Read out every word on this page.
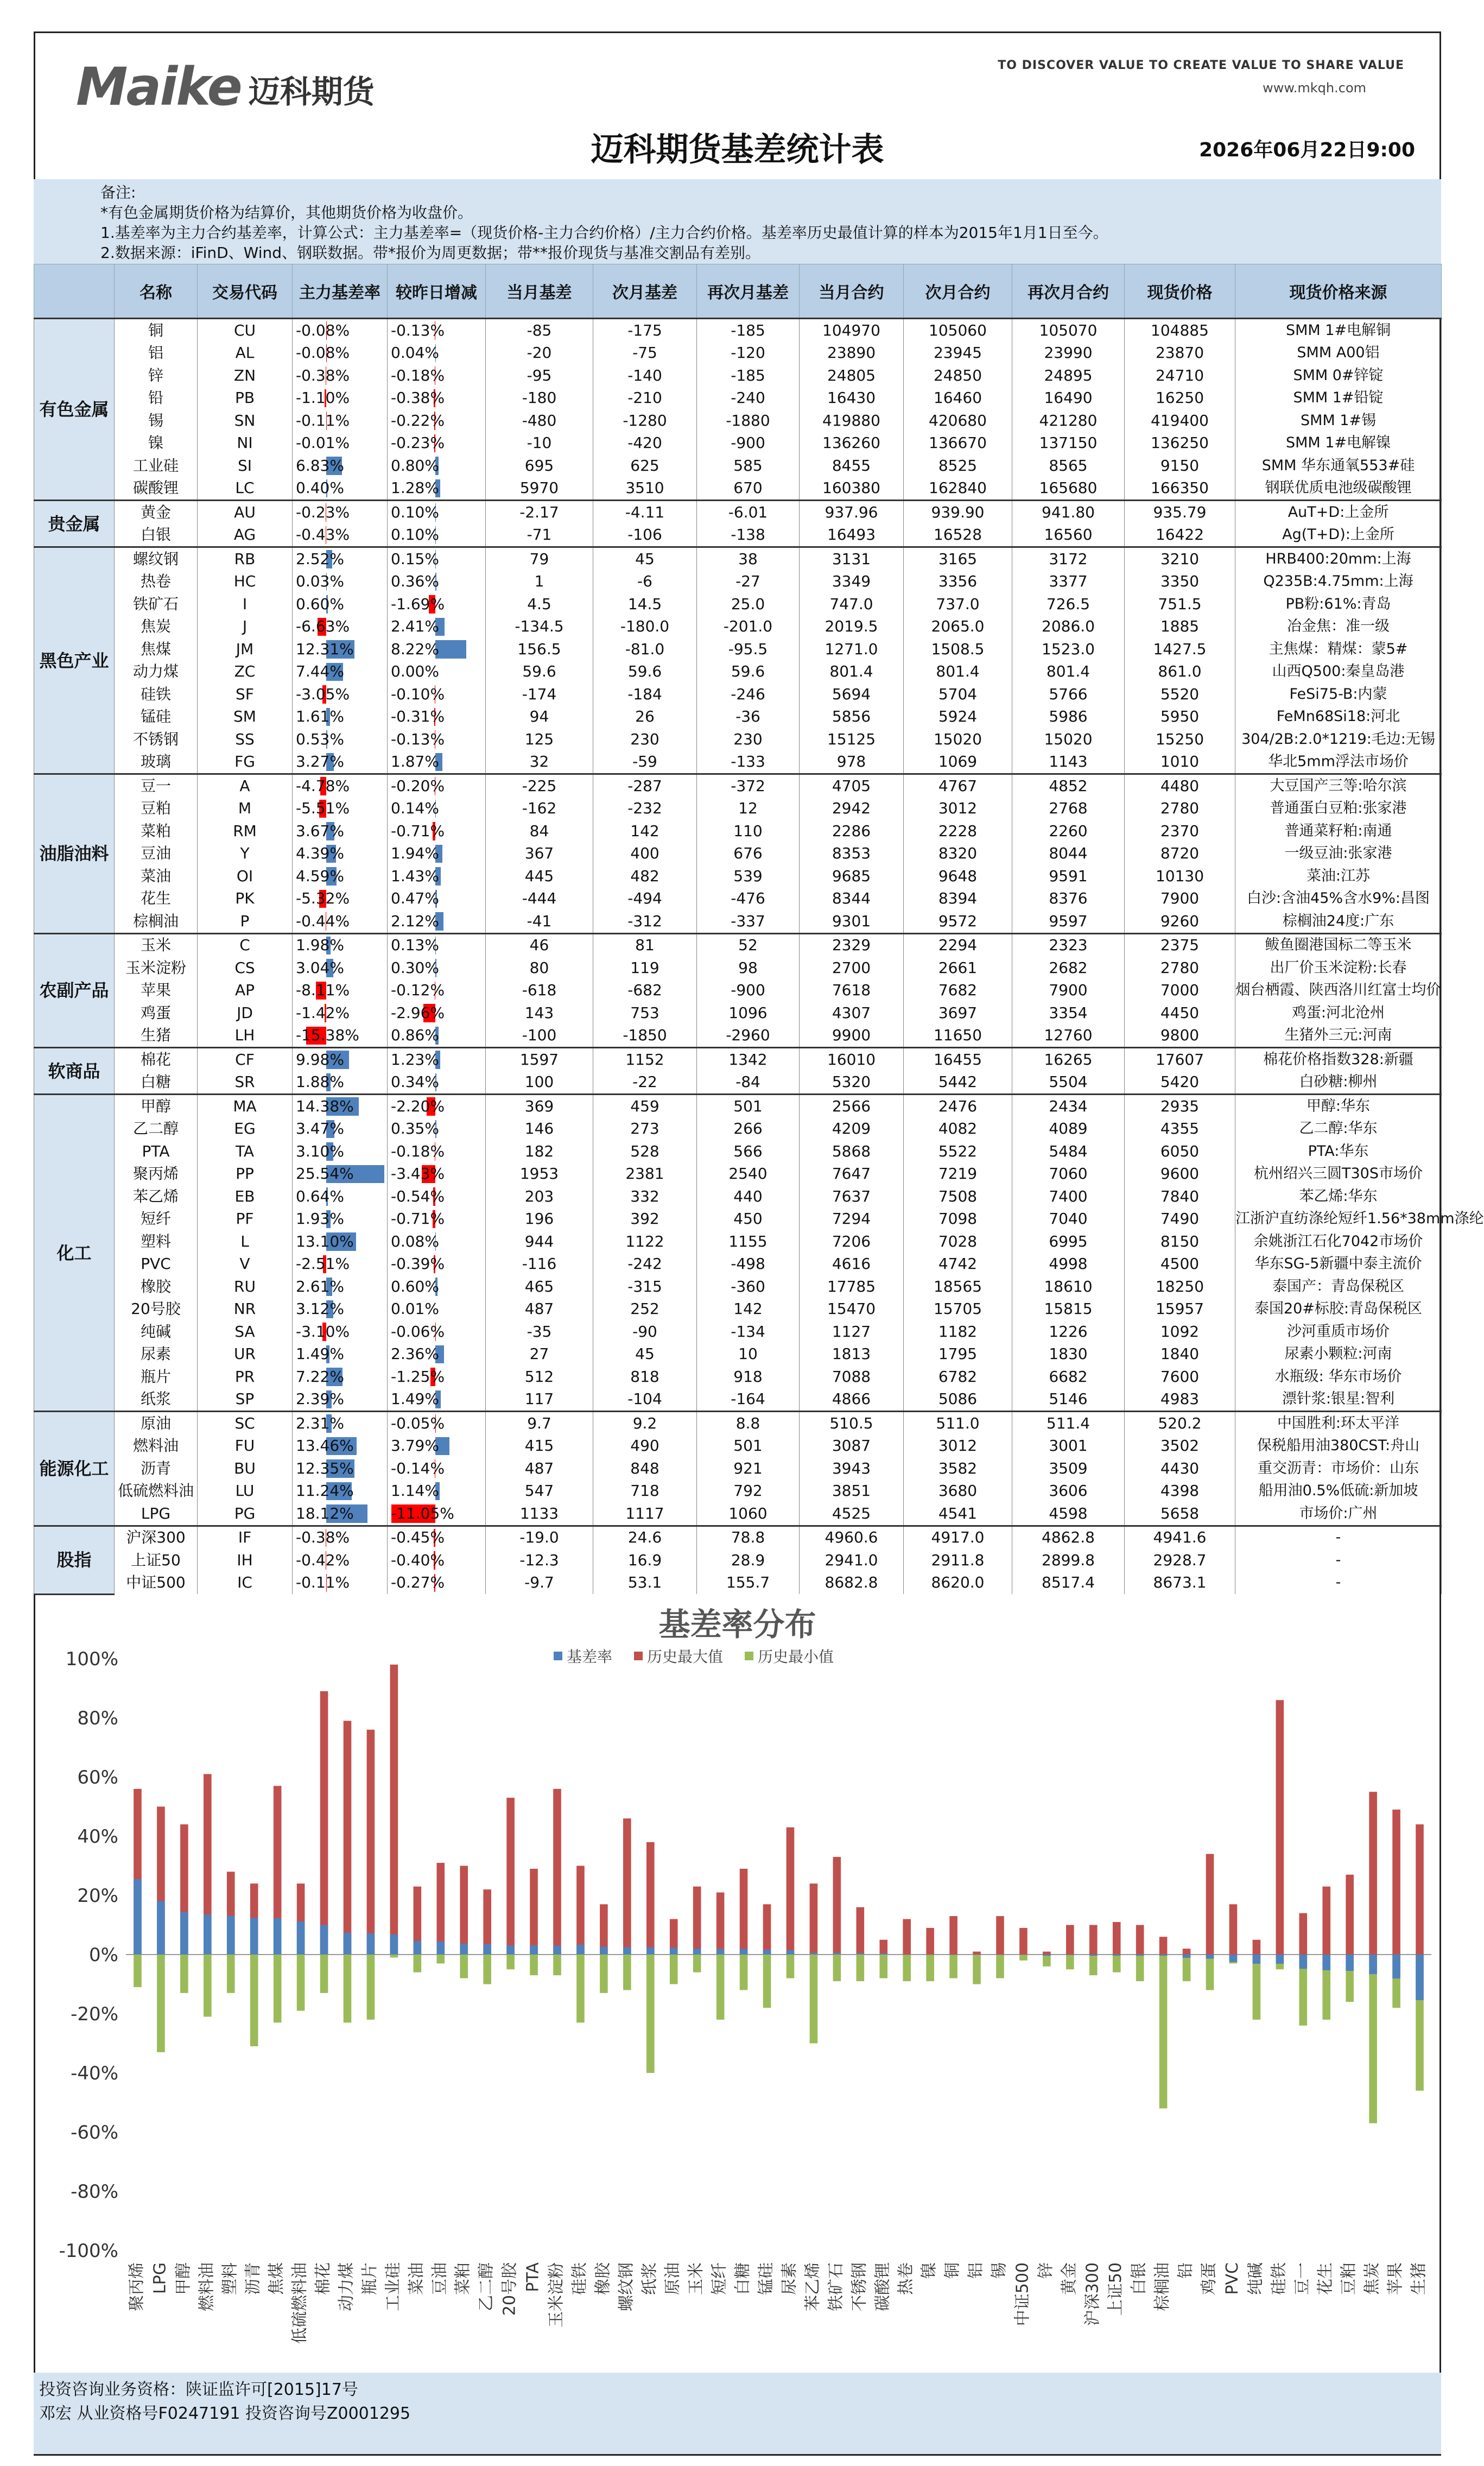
Maike 迈科期货
TO DISCOVER VALUE TO CREATE VALUE TO SHARE VALUE
www.mkqh.com
迈科期货基差统计表	2026年06月22日9:00
备注:
*有色金属期货价格为结算价，其他期货价格为收盘价。
1.基差率为主力合约基差率，计算公式：主力基差率=（现货价格-主力合约价格）/主力合约价格。基差率历史最值计算的样本为2015年1月1日至今。
2.数据来源：iFinD、Wind、钢联数据。带*报价为周更数据；带**报价现货与基准交割品有差别。
	名称	交易代码	主力基差率	较昨日增减	当月基差	次月基差	再次月基差	当月合约	次月合约	再次月合约	现货价格	现货价格来源
有色金属	铜	CU	-0.08%	-0.13%	-85	-175	-185	104970	105060	105070	104885	SMM 1#电解铜
	铝	AL	-0.08%	0.04%	-20	-75	-120	23890	23945	23990	23870	SMM A00铝
	锌	ZN	-0.38%	-0.18%	-95	-140	-185	24805	24850	24895	24710	SMM 0#锌锭
	铅	PB	-1.10%	-0.38%	-180	-210	-240	16430	16460	16490	16250	SMM 1#铅锭
	锡	SN	-0.11%	-0.22%	-480	-1280	-1880	419880	420680	421280	419400	SMM 1#锡
	镍	NI	-0.01%	-0.23%	-10	-420	-900	136260	136670	137150	136250	SMM 1#电解镍
	工业硅	SI	6.83%	0.80%	695	625	585	8455	8525	8565	9150	SMM 华东通氧553#硅
	碳酸锂	LC	0.40%	1.28%	5970	3510	670	160380	162840	165680	166350	钢联优质电池级碳酸锂
贵金属	黄金	AU	-0.23%	0.10%	-2.17	-4.11	-6.01	937.96	939.90	941.80	935.79	AuT+D:上金所
	白银	AG	-0.43%	0.10%	-71	-106	-138	16493	16528	16560	16422	Ag(T+D):上金所
黑色产业	螺纹钢	RB	2.52%	0.15%	79	45	38	3131	3165	3172	3210	HRB400:20mm:上海
	热卷	HC	0.03%	0.36%	1	-6	-27	3349	3356	3377	3350	Q235B:4.75mm:上海
	铁矿石	I	0.60%	-1.69%	4.5	14.5	25.0	747.0	737.0	726.5	751.5	PB粉:61%:青岛
	焦炭	J	-6.63%	2.41%	-134.5	-180.0	-201.0	2019.5	2065.0	2086.0	1885	冶金焦：准一级
	焦煤	JM	12.31%	8.22%	156.5	-81.0	-95.5	1271.0	1508.5	1523.0	1427.5	主焦煤：精煤：蒙5#
	动力煤	ZC	7.44%	0.00%	59.6	59.6	59.6	801.4	801.4	801.4	861.0	山西Q500:秦皇岛港
	硅铁	SF	-3.05%	-0.10%	-174	-184	-246	5694	5704	5766	5520	FeSi75-B:内蒙
	锰硅	SM	1.61%	-0.31%	94	26	-36	5856	5924	5986	5950	FeMn68Si18:河北
	不锈钢	SS	0.53%	-0.13%	125	230	230	15125	15020	15020	15250	304/2B:2.0*1219:毛边:无锡
	玻璃	FG	3.27%	1.87%	32	-59	-133	978	1069	1143	1010	华北5mm浮法市场价
油脂油料	豆一	A	-4.78%	-0.20%	-225	-287	-372	4705	4767	4852	4480	大豆国产三等:哈尔滨
	豆粕	M	-5.51%	0.14%	-162	-232	12	2942	3012	2768	2780	普通蛋白豆粕:张家港
	菜粕	RM	3.67%	-0.71%	84	142	110	2286	2228	2260	2370	普通菜籽粕:南通
	豆油	Y	4.39%	1.94%	367	400	676	8353	8320	8044	8720	一级豆油:张家港
	菜油	OI	4.59%	1.43%	445	482	539	9685	9648	9591	10130	菜油:江苏
	花生	PK	-5.32%	0.47%	-444	-494	-476	8344	8394	8376	7900	白沙:含油45%含水9%:昌图
	棕榈油	P	-0.44%	2.12%	-41	-312	-337	9301	9572	9597	9260	棕榈油24度:广东
农副产品	玉米	C	1.98%	0.13%	46	81	52	2329	2294	2323	2375	鲅鱼圈港国标二等玉米
	玉米淀粉	CS	3.04%	0.30%	80	119	98	2700	2661	2682	2780	出厂价玉米淀粉:长春
	苹果	AP	-8.11%	-0.12%	-618	-682	-900	7618	7682	7900	7000	烟台栖霞、陕西洛川红富士均价
	鸡蛋	JD	-1.42%	-2.96%	143	753	1096	4307	3697	3354	4450	鸡蛋:河北沧州
	生猪	LH	-15.38%	0.86%	-100	-1850	-2960	9900	11650	12760	9800	生猪外三元:河南
软商品	棉花	CF	9.98%	1.23%	1597	1152	1342	16010	16455	16265	17607	棉花价格指数328:新疆
	白糖	SR	1.88%	0.34%	100	-22	-84	5320	5442	5504	5420	白砂糖:柳州
化工	甲醇	MA	14.38%	-2.20%	369	459	501	2566	2476	2434	2935	甲醇:华东
	乙二醇	EG	3.47%	0.35%	146	273	266	4209	4082	4089	4355	乙二醇:华东
	PTA	TA	3.10%	-0.18%	182	528	566	5868	5522	5484	6050	PTA:华东
	聚丙烯	PP	25.54%	-3.43%	1953	2381	2540	7647	7219	7060	9600	杭州绍兴三圆T30S市场价
	苯乙烯	EB	0.64%	-0.54%	203	332	440	7637	7508	7400	7840	苯乙烯:华东
	短纤	PF	1.93%	-0.71%	196	392	450	7294	7098	7040	7490	江浙沪直纺涤纶短纤1.56*38mm涤纶
	塑料	L	13.10%	0.08%	944	1122	1155	7206	7028	6995	8150	余姚浙江石化7042市场价
	PVC	V	-2.51%	-0.39%	-116	-242	-498	4616	4742	4998	4500	华东SG-5新疆中泰主流价
	橡胶	RU	2.61%	0.60%	465	-315	-360	17785	18565	18610	18250	泰国产：青岛保税区
	20号胶	NR	3.12%	0.01%	487	252	142	15470	15705	15815	15957	泰国20#标胶:青岛保税区
	纯碱	SA	-3.10%	-0.06%	-35	-90	-134	1127	1182	1226	1092	沙河重质市场价
	尿素	UR	1.49%	2.36%	27	45	10	1813	1795	1830	1840	尿素小颗粒:河南
	瓶片	PR	7.22%	-1.25%	512	818	918	7088	6782	6682	7600	水瓶级: 华东市场价
	纸浆	SP	2.39%	1.49%	117	-104	-164	4866	5086	5146	4983	漂针浆:银星:智利
能源化工	原油	SC	2.31%	-0.05%	9.7	9.2	8.8	510.5	511.0	511.4	520.2	中国胜利:环太平洋
	燃料油	FU	13.46%	3.79%	415	490	501	3087	3012	3001	3502	保税船用油380CST:舟山
	沥青	BU	12.35%	-0.14%	487	848	921	3943	3582	3509	4430	重交沥青：市场价：山东
	低硫燃料油	LU	11.24%	1.14%	547	718	792	3851	3680	3606	4398	船用油0.5%低硫:新加坡
	LPG	PG	18.12%	-11.05%	1133	1117	1060	4525	4541	4598	5658	市场价:广州
股指	沪深300	IF	-0.38%	-0.45%	-19.0	24.6	78.8	4960.6	4917.0	4862.8	4941.6	-
	上证50	IH	-0.42%	-0.40%	-12.3	16.9	28.9	2941.0	2911.8	2899.8	2928.7	-
	中证500	IC	-0.11%	-0.27%	-9.7	53.1	155.7	8682.8	8620.0	8517.4	8673.1	-
基差率分布
基差率 历史最大值 历史最小值
100%
80%
60%
40%
20%
0%
-20%
-40%
-60%
-80%
-100%
聚丙烯 LPG 甲醇 燃料油 塑料 沥青 焦煤 低硫燃料油 棉花 动力煤 瓶片 工业硅 菜油 豆油 菜粕 乙二醇 20号胶 PTA 玉米淀粉 硅铁 橡胶 螺纹钢 纸浆 原油 玉米 短纤 白糖 锰硅 尿素 苯乙烯 铁矿石 不锈钢 碳酸锂 热卷 镍 铜 铝 锡 中证500 锌 黄金 沪深300 上证50 白银 棕榈油 铅 鸡蛋 PVC 纯碱 硅铁 豆一 花生 豆粕 焦炭 苹果 生猪
投资咨询业务资格：陕证监许可[2015]17号
邓宏 从业资格号F0247191 投资咨询号Z0001295
